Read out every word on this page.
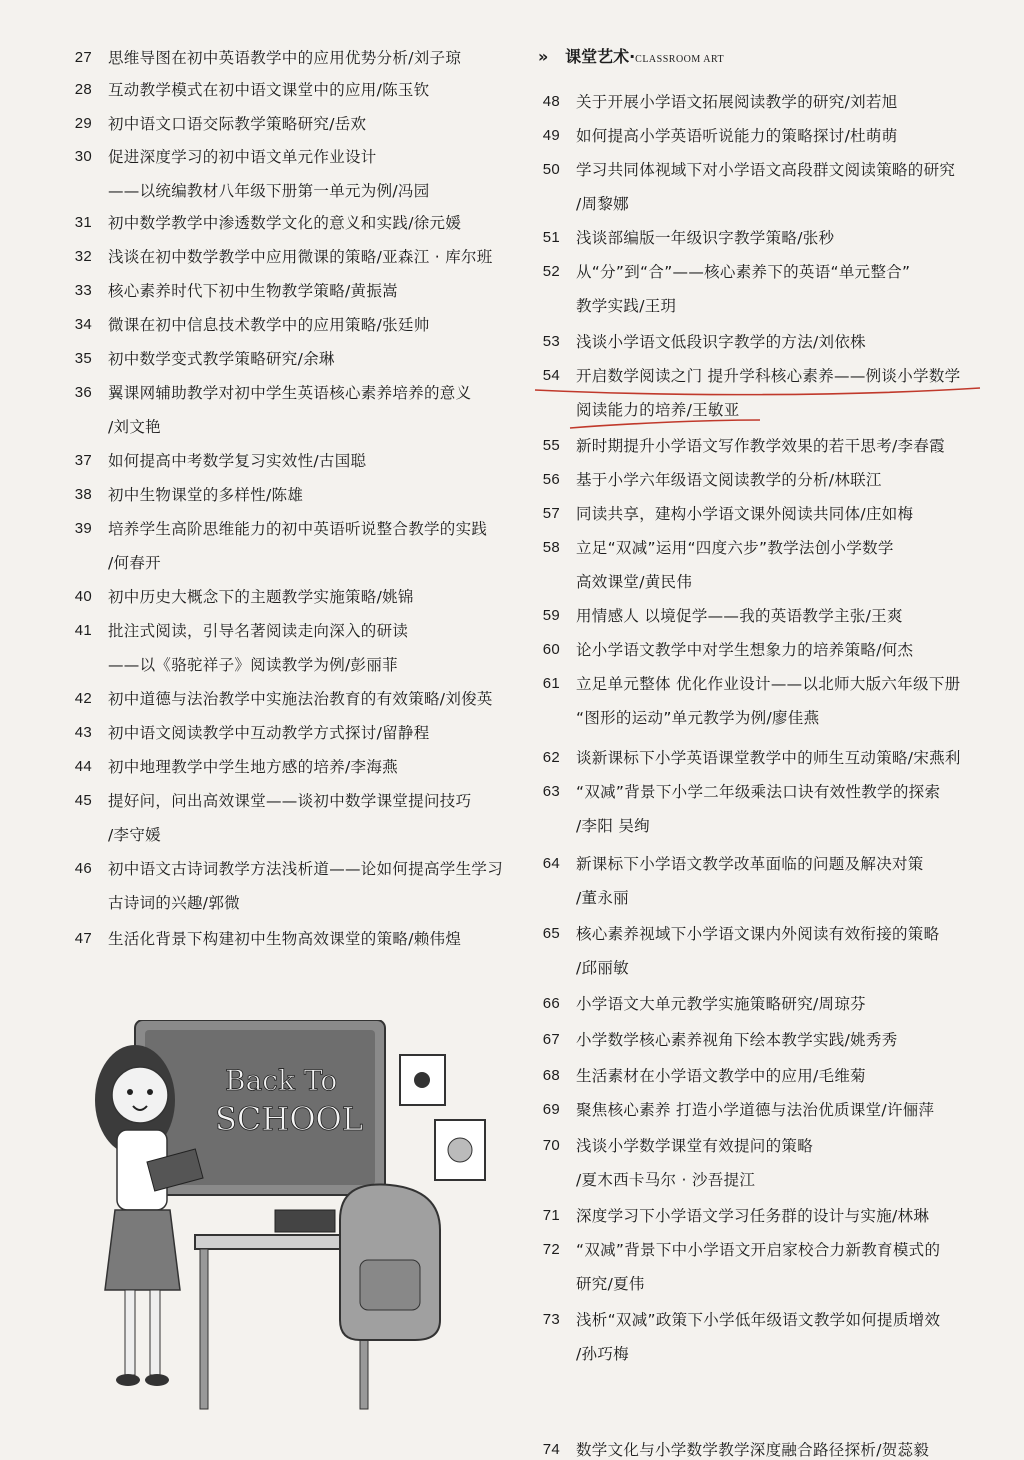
27 思维导图在初中英语教学中的应用优势分析/刘子琼
28 互动教学模式在初中语文课堂中的应用/陈玉钦
29 初中语文口语交际教学策略研究/岳欢
30 促进深度学习的初中语文单元作业设计
——以统编教材八年级下册第一单元为例/冯园
31 初中数学教学中渗透数学文化的意义和实践/徐元媛
32 浅谈在初中数学教学中应用微课的策略/亚森江 · 库尔班
33 核心素养时代下初中生物教学策略/黄振嵩
34 微课在初中信息技术教学中的应用策略/张廷帅
35 初中数学变式教学策略研究/余琳
36 翼课网辅助教学对初中学生英语核心素养培养的意义
/刘文艳
37 如何提高中考数学复习实效性/古国聪
38 初中生物课堂的多样性/陈雄
39 培养学生高阶思维能力的初中英语听说整合教学的实践
/何春开
40 初中历史大概念下的主题教学实施策略/姚锦
41 批注式阅读，引导名著阅读走向深入的研读
——以《骆驼祥子》阅读教学为例/彭丽菲
42 初中道德与法治教学中实施法治教育的有效策略/刘俊英
43 初中语文阅读教学中互动教学方式探讨/留静程
44 初中地理教学中学生地方感的培养/李海燕
45 提好问，问出高效课堂——谈初中数学课堂提问技巧
/李守媛
46 初中语文古诗词教学方法浅析道——论如何提高学生学习
古诗词的兴趣/郭微
47 生活化背景下构建初中生物高效课堂的策略/赖伟煌
» 课堂艺术·CLASSROOM ART
48 关于开展小学语文拓展阅读教学的研究/刘若旭
49 如何提高小学英语听说能力的策略探讨/杜萌萌
50 学习共同体视域下对小学语文高段群文阅读策略的研究
/周黎娜
51 浅谈部编版一年级识字教学策略/张秒
52 从“分”到“合”——核心素养下的英语“单元整合”
教学实践/王玥
53 浅谈小学语文低段识字教学的方法/刘依株
54 开启数学阅读之门 提升学科核心素养——例谈小学数学
阅读能力的培养/王敏亚
55 新时期提升小学语文写作教学效果的若干思考/李春霞
56 基于小学六年级语文阅读教学的分析/林联江
57 同读共享，建构小学语文课外阅读共同体/庄如梅
58 立足“双减”运用“四度六步”教学法创小学数学
高效课堂/黄民伟
59 用情感人 以境促学——我的英语教学主张/王爽
60 论小学语文教学中对学生想象力的培养策略/何杰
61 立足单元整体 优化作业设计——以北师大版六年级下册
“图形的运动”单元教学为例/廖佳燕
62 谈新课标下小学英语课堂教学中的师生互动策略/宋燕利
63 “双减”背景下小学二年级乘法口诀有效性教学的探索
/李阳 吴绚
64 新课标下小学语文教学改革面临的问题及解决对策
/董永丽
65 核心素养视域下小学语文课内外阅读有效衔接的策略
/邱丽敏
66 小学语文大单元教学实施策略研究/周琼芬
67 小学数学核心素养视角下绘本教学实践/姚秀秀
68 生活素材在小学语文教学中的应用/毛维菊
69 聚焦核心素养 打造小学道德与法治优质课堂/许俪萍
70 浅谈小学数学课堂有效提问的策略
/夏木西卡马尔 · 沙吾提江
71 深度学习下小学语文学习任务群的设计与实施/林琳
72 “双减”背景下中小学语文开启家校合力新教育模式的
研究/夏伟
73 浅析“双减”政策下小学低年级语文教学如何提质增效
/孙巧梅
74 数学文化与小学数学教学深度融合路径探析/贺蕊毅
Back To
SCHOOL
